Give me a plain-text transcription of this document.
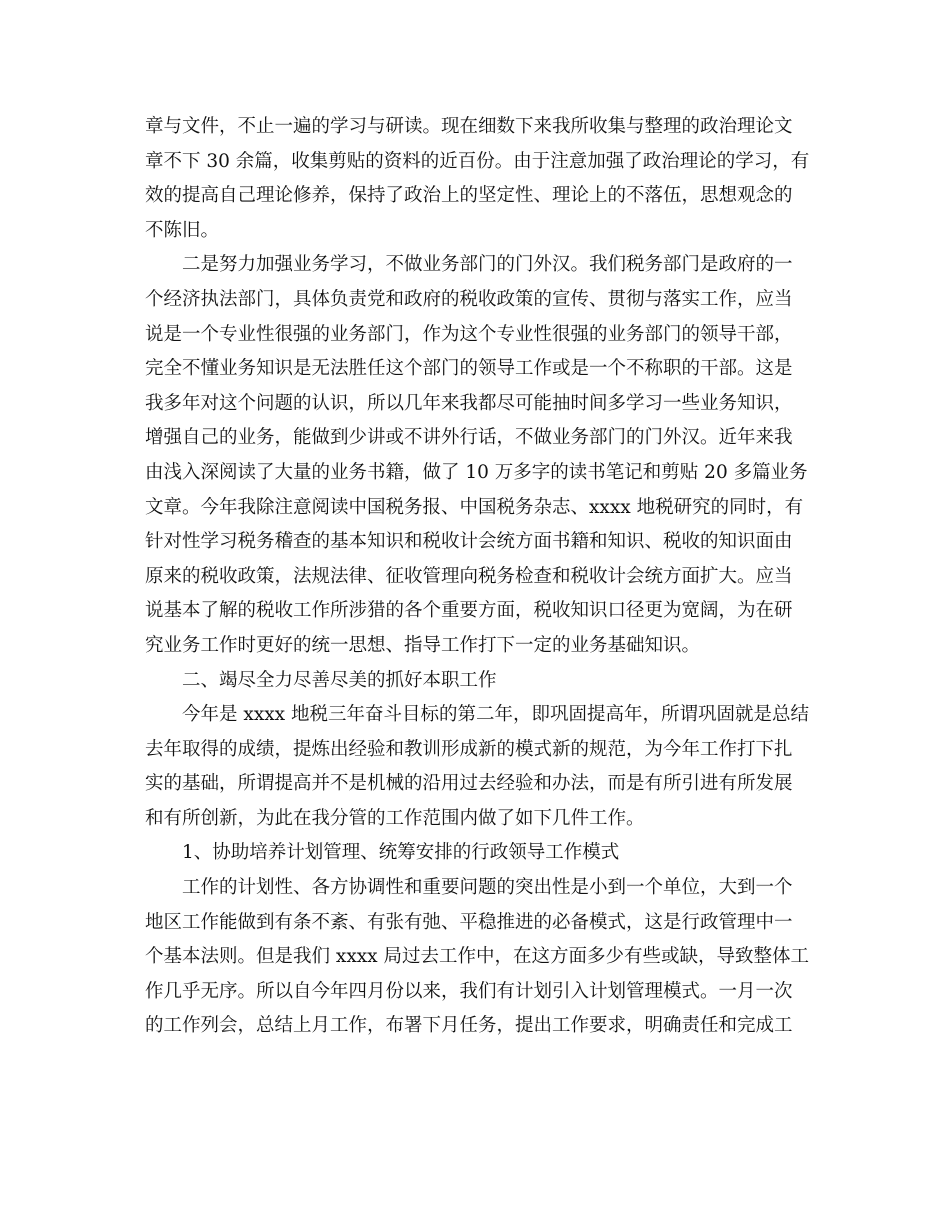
章与文件，不止一遍的学习与研读。现在细数下来我所收集与整理的政治理论文
章不下 30 余篇，收集剪贴的资料的近百份。由于注意加强了政治理论的学习，有
效的提高自己理论修养，保持了政治上的坚定性、理论上的不落伍，思想观念的
不陈旧。
二是努力加强业务学习，不做业务部门的门外汉。我们税务部门是政府的一
个经济执法部门，具体负责党和政府的税收政策的宣传、贯彻与落实工作，应当
说是一个专业性很强的业务部门，作为这个专业性很强的业务部门的领导干部，
完全不懂业务知识是无法胜任这个部门的领导工作或是一个不称职的干部。这是
我多年对这个问题的认识，所以几年来我都尽可能抽时间多学习一些业务知识，
增强自己的业务，能做到少讲或不讲外行话，不做业务部门的门外汉。近年来我
由浅入深阅读了大量的业务书籍，做了 10 万多字的读书笔记和剪贴 20 多篇业务
文章。今年我除注意阅读中国税务报、中国税务杂志、xxxx 地税研究的同时，有
针对性学习税务稽查的基本知识和税收计会统方面书籍和知识、税收的知识面由
原来的税收政策，法规法律、征收管理向税务检查和税收计会统方面扩大。应当
说基本了解的税收工作所涉猎的各个重要方面，税收知识口径更为宽阔，为在研
究业务工作时更好的统一思想、指导工作打下一定的业务基础知识。
二、竭尽全力尽善尽美的抓好本职工作
今年是 xxxx 地税三年奋斗目标的第二年，即巩固提高年，所谓巩固就是总结
去年取得的成绩，提炼出经验和教训形成新的模式新的规范，为今年工作打下扎
实的基础，所谓提高并不是机械的沿用过去经验和办法，而是有所引进有所发展
和有所创新，为此在我分管的工作范围内做了如下几件工作。
1、协助培养计划管理、统筹安排的行政领导工作模式
工作的计划性、各方协调性和重要问题的突出性是小到一个单位，大到一个
地区工作能做到有条不紊、有张有弛、平稳推进的必备模式，这是行政管理中一
个基本法则。但是我们 xxxx 局过去工作中，在这方面多少有些或缺，导致整体工
作几乎无序。所以自今年四月份以来，我们有计划引入计划管理模式。一月一次
的工作列会，总结上月工作，布署下月任务，提出工作要求，明确责任和完成工
